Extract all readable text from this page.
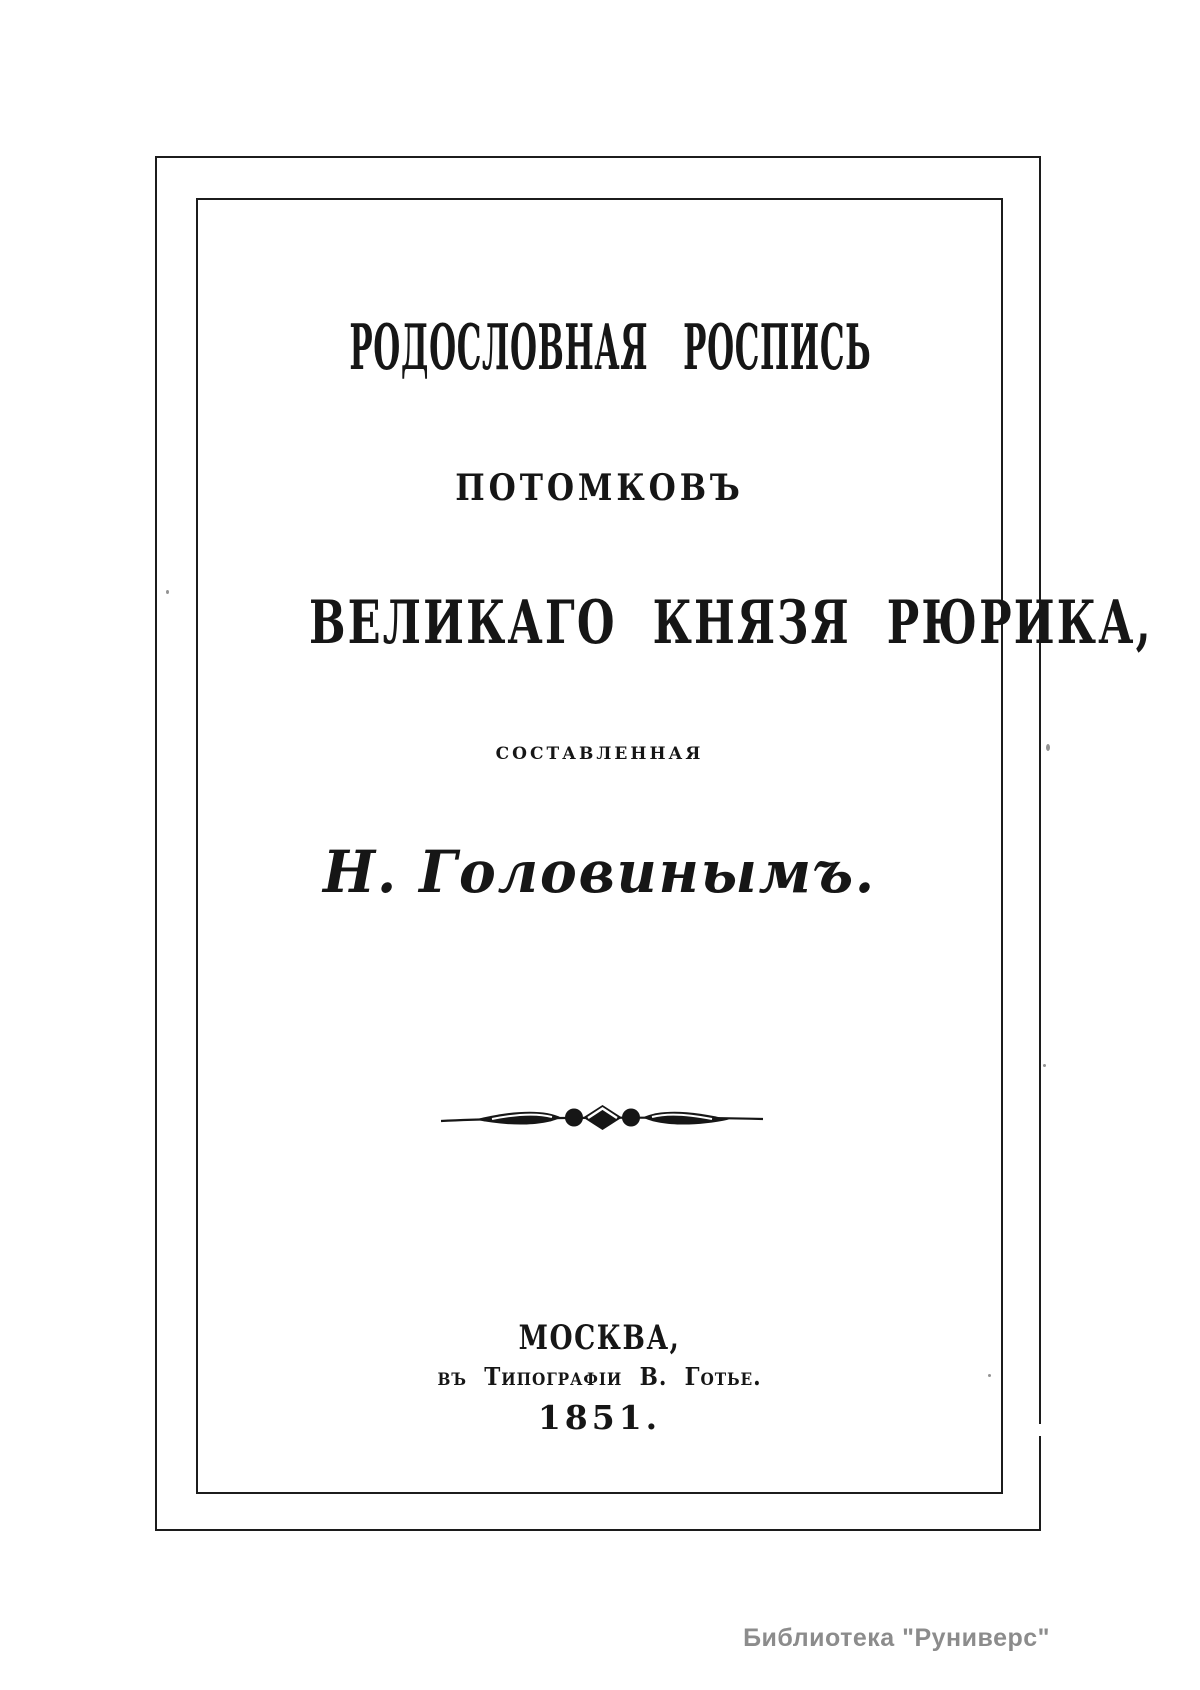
РОДОСЛОВНАЯ РОСПИСЬ
ПОТОМКОВЪ
ВЕЛИКАГО КНЯЗЯ РЮРИКА,
СОСТАВЛЕННАЯ
Н. Головинымъ.
МОСКВА,
въ Типографіи В. Готье.
1851.
Библиотека "Руниверс"
